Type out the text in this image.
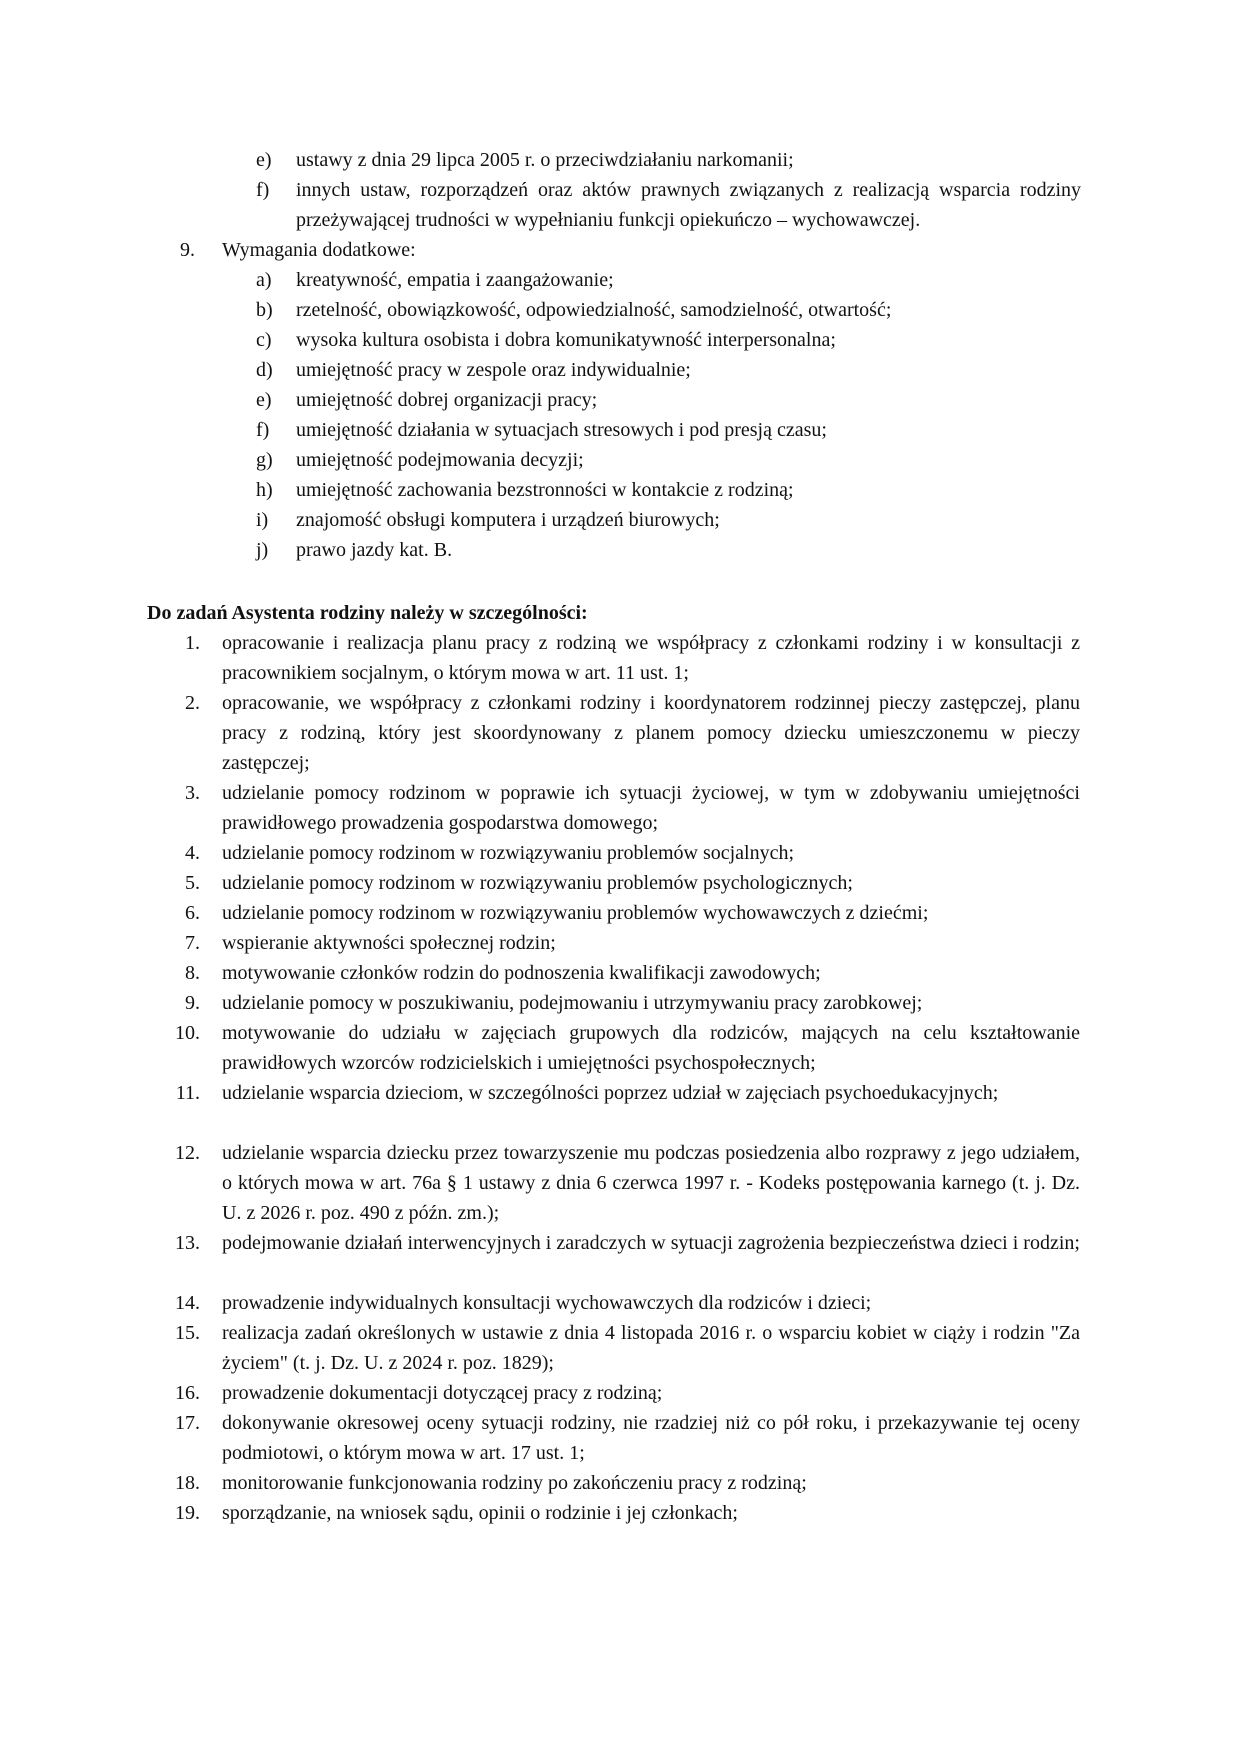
e)	ustawy z dnia 29 lipca 2005 r. o przeciwdziałaniu narkomanii;
f)	innych ustaw, rozporządzeń oraz aktów prawnych związanych z realizacją wsparcia rodziny przeżywającej trudności w wypełnianiu funkcji opiekuńczo – wychowawczej.
9.	Wymagania dodatkowe:
a)	kreatywność, empatia i zaangażowanie;
b)	rzetelność, obowiązkowość, odpowiedzialność, samodzielność, otwartość;
c)	wysoka kultura osobista i dobra komunikatywność interpersonalna;
d)	umiejętność pracy w zespole oraz indywidualnie;
e)	umiejętność dobrej organizacji pracy;
f)	umiejętność działania w sytuacjach stresowych i pod presją czasu;
g)	umiejętność podejmowania decyzji;
h)	umiejętność zachowania bezstronności w kontakcie z rodziną;
i)	znajomość obsługi komputera i urządzeń biurowych;
j)	prawo jazdy kat. B.
Do zadań Asystenta rodziny należy w szczególności:
1.	opracowanie i realizacja planu pracy z rodziną we współpracy z członkami rodziny i w konsultacji z pracownikiem socjalnym, o którym mowa w art. 11 ust. 1;
2.	opracowanie, we współpracy z członkami rodziny i koordynatorem rodzinnej pieczy zastępczej, planu pracy z rodziną, który jest skoordynowany z planem pomocy dziecku umieszczonemu w pieczy zastępczej;
3.	udzielanie pomocy rodzinom w poprawie ich sytuacji życiowej, w tym w zdobywaniu umiejętności prawidłowego prowadzenia gospodarstwa domowego;
4.	udzielanie pomocy rodzinom w rozwiązywaniu problemów socjalnych;
5.	udzielanie pomocy rodzinom w rozwiązywaniu problemów psychologicznych;
6.	udzielanie pomocy rodzinom w rozwiązywaniu problemów wychowawczych z dziećmi;
7.	wspieranie aktywności społecznej rodzin;
8.	motywowanie członków rodzin do podnoszenia kwalifikacji zawodowych;
9.	udzielanie pomocy w poszukiwaniu, podejmowaniu i utrzymywaniu pracy zarobkowej;
10.	motywowanie do udziału w zajęciach grupowych dla rodziców, mających na celu kształtowanie prawidłowych wzorców rodzicielskich i umiejętności psychospołecznych;
11.	udzielanie wsparcia dzieciom, w szczególności poprzez udział w zajęciach psychoedukacyjnych;
12.	udzielanie wsparcia dziecku przez towarzyszenie mu podczas posiedzenia albo rozprawy z jego udziałem, o których mowa w art. 76a § 1 ustawy z dnia 6 czerwca 1997 r. - Kodeks postępowania karnego (t. j. Dz. U. z 2026 r. poz. 490 z późn. zm.);
13.	podejmowanie działań interwencyjnych i zaradczych w sytuacji zagrożenia bezpieczeństwa dzieci i rodzin;
14.	prowadzenie indywidualnych konsultacji wychowawczych dla rodziców i dzieci;
15.	realizacja zadań określonych w ustawie z dnia 4 listopada 2016 r. o wsparciu kobiet w ciąży i rodzin "Za życiem" (t. j. Dz. U. z 2024 r. poz. 1829);
16.	prowadzenie dokumentacji dotyczącej pracy z rodziną;
17.	dokonywanie okresowej oceny sytuacji rodziny, nie rzadziej niż co pół roku, i przekazywanie tej oceny podmiotowi, o którym mowa w art. 17 ust. 1;
18.	monitorowanie funkcjonowania rodziny po zakończeniu pracy z rodziną;
19.	sporządzanie, na wniosek sądu, opinii o rodzinie i jej członkach;
